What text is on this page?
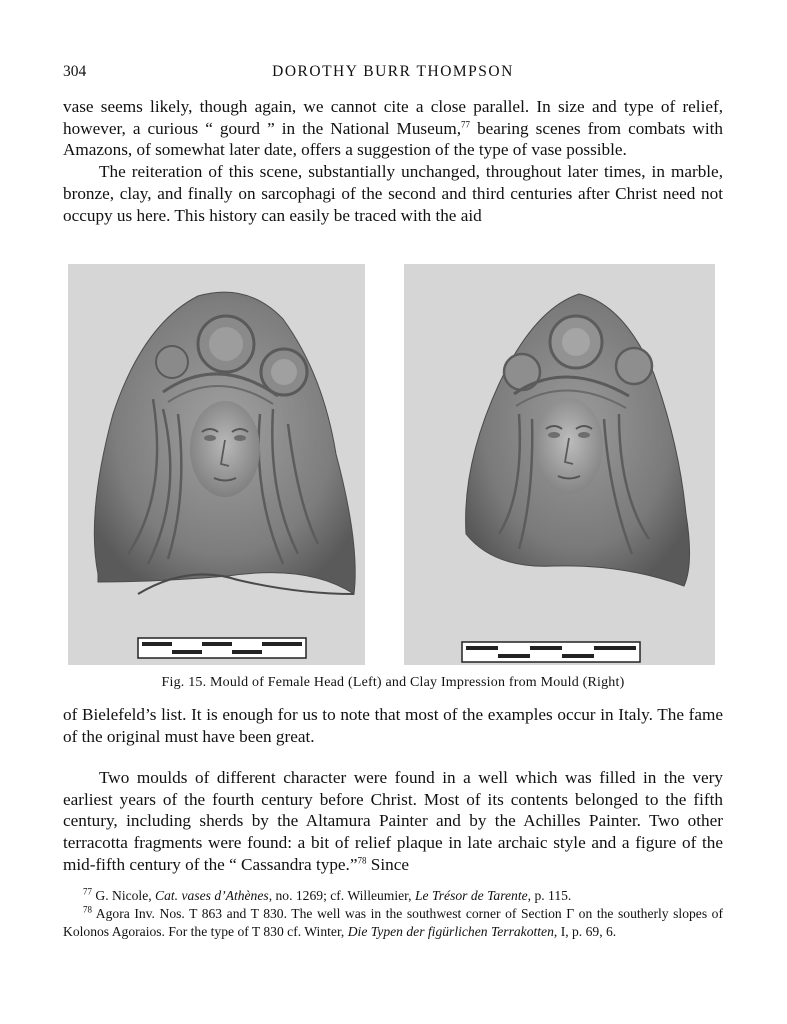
304	DOROTHY BURR THOMPSON

vase seems likely, though again, we cannot cite a close parallel. In size and type of relief, however, a curious “ gourd ” in the National Museum,$^{77}$ bearing scenes from combats with Amazons, of somewhat later date, offers a suggestion of the type of vase possible.

The reiteration of this scene, substantially unchanged, throughout later times, in marble, bronze, clay, and finally on sarcophagi of the second and third centuries after Christ need not occupy us here. This history can easily be traced with the aid

Fig. 15. Mould of Female Head (Left) and Clay Impression from Mould (Right)

of Bielefeld’s list. It is enough for us to note that most of the examples occur in Italy. The fame of the original must have been great.

Two moulds of different character were found in a well which was filled in the very earliest years of the fourth century before Christ. Most of its contents belonged to the fifth century, including sherds by the Altamura Painter and by the Achilles Painter. Two other terracotta fragments were found: a bit of relief plaque in late archaic style and a figure of the mid-fifth century of the “ Cassandra type.”$^{78}$ Since

$^{77}$ G. Nicole, Cat. vases d’Athènes, no. 1269; cf. Willeumier, Le Trésor de Tarente, p. 115.

$^{78}$ Agora Inv. Nos. T 863 and T 830. The well was in the southwest corner of Section Γ on the southerly slopes of Kolonos Agoraios. For the type of T 830 cf. Winter, Die Typen der figürlichen Terrakotten, I, p. 69, 6.
